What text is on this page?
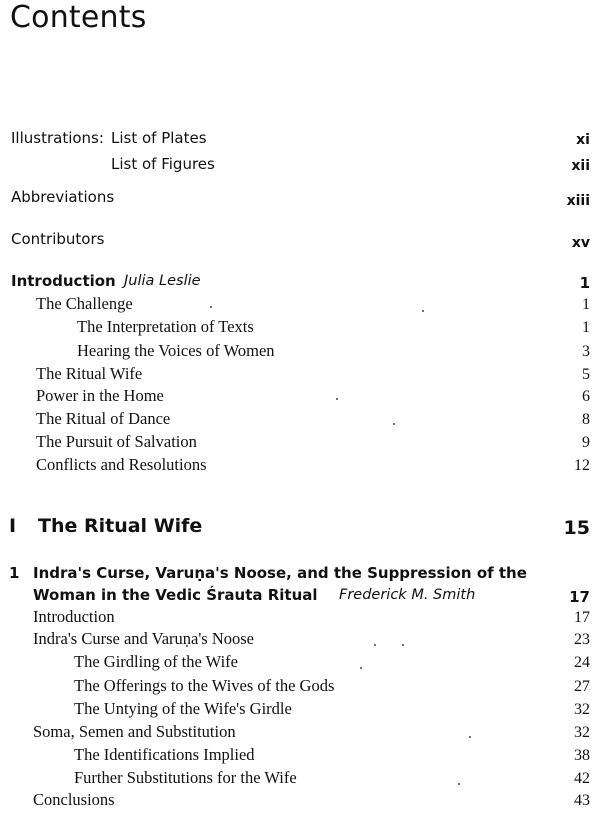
Contents
Illustrations: List of Plates	xi
List of Figures	xii
Abbreviations	xiii
Contributors	xv
Introduction Julia Leslie	1
The Challenge	1
The Interpretation of Texts	1
Hearing the Voices of Women	3
The Ritual Wife	5
Power in the Home	6
The Ritual of Dance	8
The Pursuit of Salvation	9
Conflicts and Resolutions	12
I The Ritual Wife	15
1 Indra's Curse, Varuṇa's Noose, and the Suppression of the
Woman in the Vedic Śrauta Ritual Frederick M. Smith	17
Introduction	17
Indra's Curse and Varuṇa's Noose	23
The Girdling of the Wife	24
The Offerings to the Wives of the Gods	27
The Untying of the Wife's Girdle	32
Soma, Semen and Substitution	32
The Identifications Implied	38
Further Substitutions for the Wife	42
Conclusions	43
